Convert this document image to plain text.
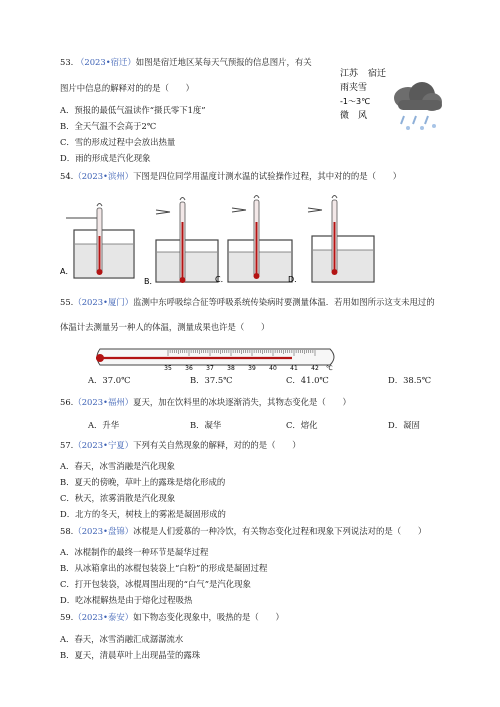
53. （2023•宿迁）如图是宿迁地区某每天气预报的信息图片，有关
图片中信息的解释对的的是（　　）
A．预报的最低气温读作“摄氏零下1度”
B．全天气温不会高于2℃
C．雪的形成过程中会放出热量
D．雨的形成是汽化现象
江苏 宿迁
雨夹雪
-1～3℃
微　风
54.（2023•滨州）下图是四位同学用温度计测水温的试验操作过程，其中对的的是（　　）
A．
B．	C．	D．
55.（2023•厦门）监测中东呼吸综合征等呼吸系统传染病时要测量体温．若用如图所示这支未甩过的
体温计去测量另一种人的体温，测量成果也许是（　　）
35 36 37 38 39 40 41 42 ℃
A．37.0℃	B．37.5℃	C．41.0℃	D．38.5℃
56.（2023•福州）夏天，加在饮料里的冰块逐渐消失，其物态变化是（　　）
A．升华	B．凝华	C．熔化	D．凝固
57.（2023•宁夏）下列有关自然现象的解释，对的的是（　　）
A．春天，冰雪消融是汽化现象
B．夏天的傍晚，草叶上的露珠是熔化形成的
C．秋天，浓雾消散是汽化现象
D．北方的冬天，树枝上的雾凇是凝固形成的
58.（2023•盘锦）冰棍是人们爱慕的一种冷饮，有关物态变化过程和现象下列说法对的是（　　）
A．冰棍制作的最终一种环节是凝华过程
B．从冰箱拿出的冰棍包装袋上“白粉”的形成是凝固过程
C．打开包装袋，冰棍周围出现的“白气”是汽化现象
D．吃冰棍解热是由于熔化过程吸热
59.（2023•泰安）如下物态变化现象中，吸热的是（　　）
A．春天，冰雪消融汇成潺潺流水
B．夏天，清晨草叶上出现晶莹的露珠
